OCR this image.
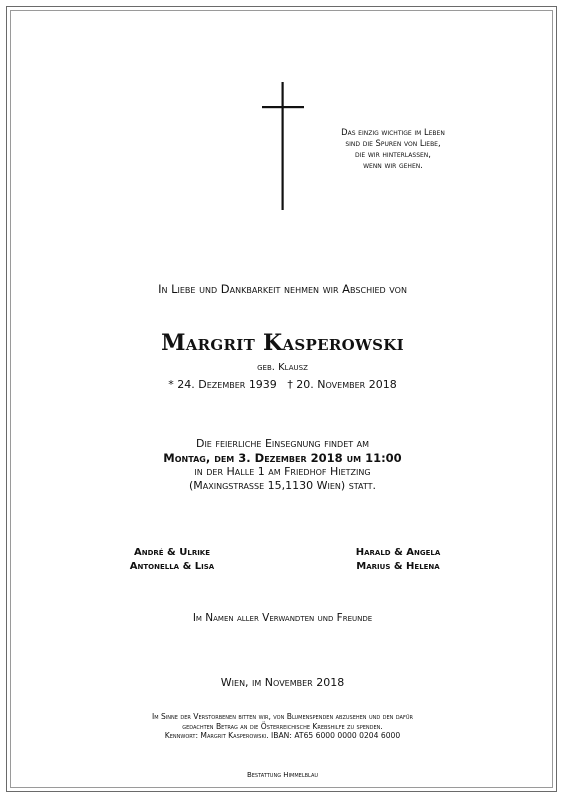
Das einzig wichtige im Leben
sind die Spuren von Liebe,
die wir hinterlassen,
wenn wir gehen.
In Liebe und Dankbarkeit nehmen wir Abschied von
Margrit Kasperowski
geb. Klausz
* 24. Dezember 1939 † 20. November 2018
Die feierliche Einsegnung findet am
Montag, dem 3. Dezember 2018 um 11:00
in der Halle 1 am Friedhof Hietzing
(Maxingstrasse 15,1130 Wien) statt.
André & Ulrike
Antonella & Lisa
Harald & Angela
Marius & Helena
Im Namen aller Verwandten und Freunde
Wien, im November 2018
Im Sinne der Verstorbenen bitten wir, von Blumenspenden abzusehen und den dafür
gedachten Betrag an die Österreichische Krebshilfe zu spenden.
Kennwort: Margrit Kasperowski. IBAN: AT65 6000 0000 0204 6000
Bestattung Himmelblau
